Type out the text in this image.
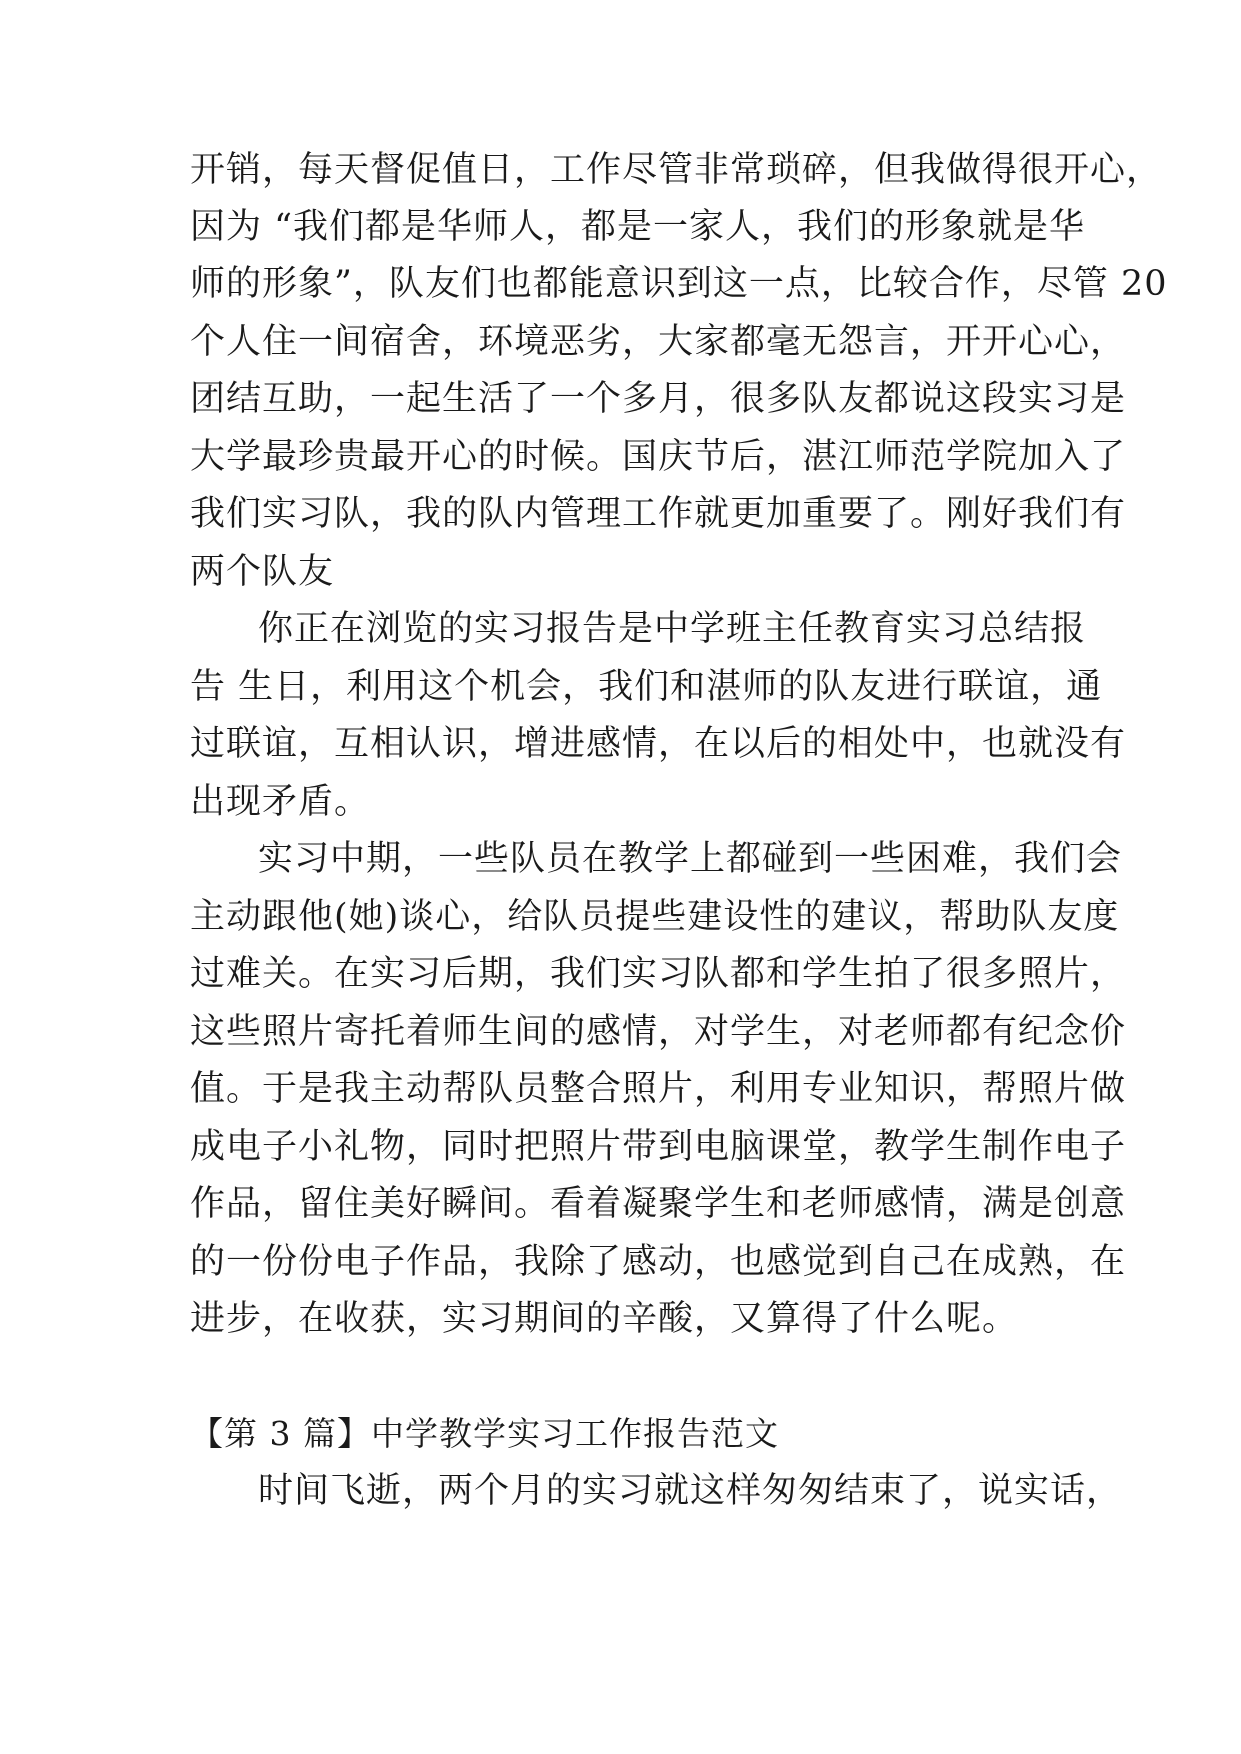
开销，每天督促值日，工作尽管非常琐碎，但我做得很开心，
因为 “我们都是华师人，都是一家人，我们的形象就是华
师的形象”，队友们也都能意识到这一点，比较合作，尽管 20
个人住一间宿舍，环境恶劣，大家都毫无怨言，开开心心，
团结互助，一起生活了一个多月，很多队友都说这段实习是
大学最珍贵最开心的时候。国庆节后，湛江师范学院加入了
我们实习队，我的队内管理工作就更加重要了。刚好我们有
两个队友
你正在浏览的实习报告是中学班主任教育实习总结报
告 生日，利用这个机会，我们和湛师的队友进行联谊，通
过联谊，互相认识，增进感情，在以后的相处中，也就没有
出现矛盾。
实习中期，一些队员在教学上都碰到一些困难，我们会
主动跟他(她)谈心，给队员提些建设性的建议，帮助队友度
过难关。在实习后期，我们实习队都和学生拍了很多照片，
这些照片寄托着师生间的感情，对学生，对老师都有纪念价
值。于是我主动帮队员整合照片，利用专业知识，帮照片做
成电子小礼物，同时把照片带到电脑课堂，教学生制作电子
作品，留住美好瞬间。看着凝聚学生和老师感情，满是创意
的一份份电子作品，我除了感动，也感觉到自己在成熟，在
进步，在收获，实习期间的辛酸，又算得了什么呢。
【第 3 篇】中学教学实习工作报告范文
时间飞逝，两个月的实习就这样匆匆结束了，说实话，
